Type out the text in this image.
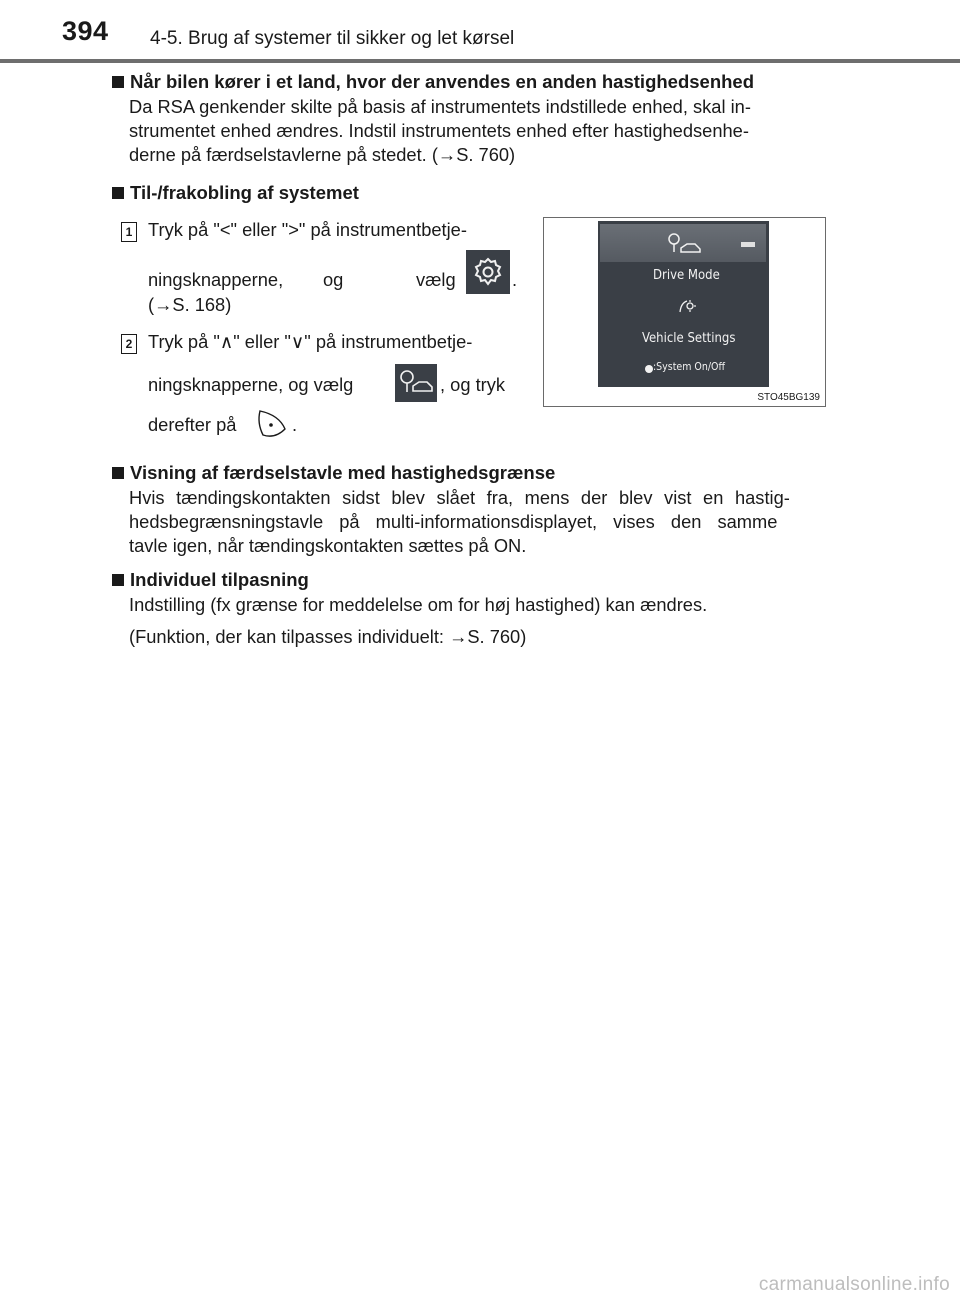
394 4-5. Brug af systemer til sikker og let kørsel
Når bilen kører i et land, hvor der anvendes en anden hastighedsenhed
Da RSA genkender skilte på basis af instrumentets indstillede enhed, skal in-
strumentet enhed ændres. Indstil instrumentets enhed efter hastighedsenhe-
derne på færdselstavlerne på stedet. (→S. 760)
Til-/frakobling af systemet
1 Tryk på "<" eller ">" på instrumentbetje-
ningsknapperne, og	vælg	.
(→S. 168)
2 Tryk på "∧" eller "∨" på instrumentbetje-
ningsknapperne, og vælg	, og tryk
derefter på	.
Drive Mode
Vehicle Settings
:System On/Off
STO45BG139
Visning af færdselstavle med hastighedsgrænse
Hvis tændingskontakten sidst blev slået fra, mens der blev vist en hastig-
hedsbegrænsningstavle på multi-informationsdisplayet, vises den samme
tavle igen, når tændingskontakten sættes på ON.
Individuel tilpasning
Indstilling (fx grænse for meddelelse om for høj hastighed) kan ændres.
(Funktion, der kan tilpasses individuelt: →S. 760)
carmanualsonline.info
